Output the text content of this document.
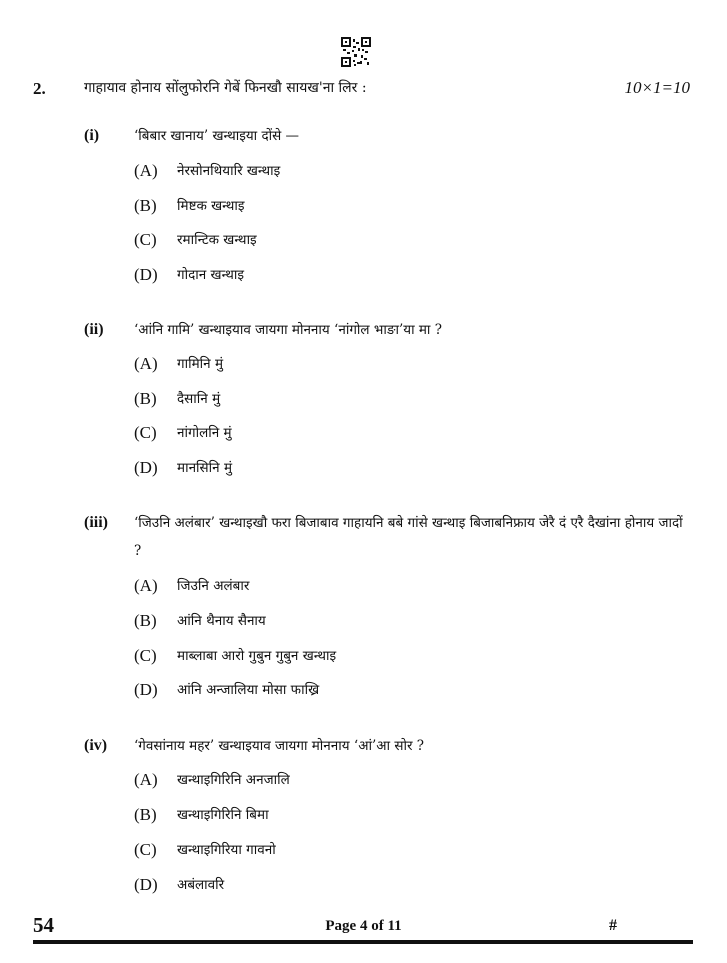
2.	गाहायाव होनाय सोंलुफोरनि गेबें फिनखौ सायख'ना लिर :	10×1=10
(i)	‘बिबार खानाय’ खन्थाइया दोंसे —
(A) नेरसोनथियारि खन्थाइ
(B) मिष्टक खन्थाइ
(C) रमान्टिक खन्थाइ
(D) गोदान खन्थाइ
(ii) ‘आंनि गामि’ खन्थाइयाव जायगा मोननाय ‘नांगोल भाङा’या मा ?
(A) गामिनि मुं
(B) दैसानि मुं
(C) नांगोलनि मुं
(D) मानसिनि मुं
(iii) ‘जिउनि अलंबार’ खन्थाइखौ फरा बिजाबाव गाहायनि बबे गांसे खन्थाइ बिजाबनिफ्राय जेरै दं एरै दैखांना होनाय जादों ?
(A) जिउनि अलंबार
(B) आंनि थैनाय सैनाय
(C) माब्लाबा आरो गुबुन गुबुन खन्थाइ
(D) आंनि अन्जालिया मोसा फाख्रि
(iv) ‘गेवसांनाय महर’ खन्थाइयाव जायगा मोननाय ‘आं’आ सोर ?
(A) खन्थाइगिरिनि अनजालि
(B) खन्थाइगिरिनि बिमा
(C) खन्थाइगिरिया गावनो
(D) अबंलावरि
54	Page 4 of 11	#
